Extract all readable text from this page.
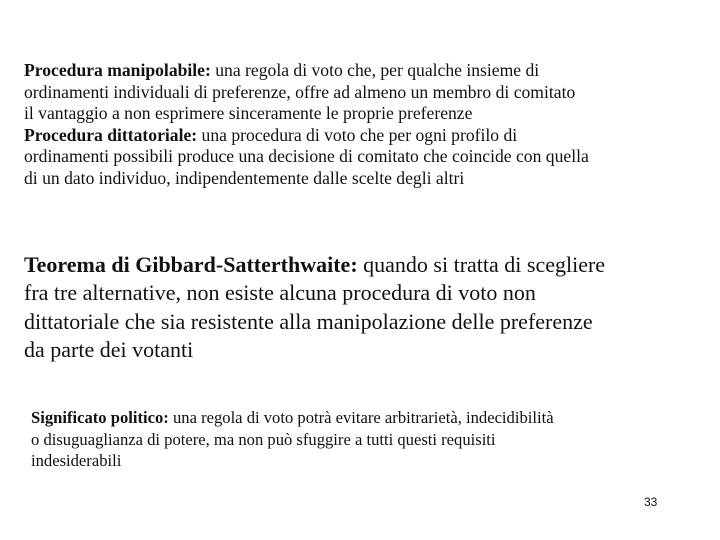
Procedura manipolabile: una regola di voto che, per qualche insieme di
ordinamenti individuali di preferenze, offre ad almeno un membro di comitato
il vantaggio a non esprimere sinceramente le proprie preferenze
Procedura dittatoriale: una procedura di voto che per ogni profilo di
ordinamenti possibili produce una decisione di comitato che coincide con quella
di un dato individuo, indipendentemente dalle scelte degli altri
Teorema di Gibbard-Satterthwaite: quando si tratta di scegliere
fra tre alternative, non esiste alcuna procedura di voto non
dittatoriale che sia resistente alla manipolazione delle preferenze
da parte dei votanti
Significato politico: una regola di voto potrà evitare arbitrarietà, indecidibilità
o disuguaglianza di potere, ma non può sfuggire a tutti questi requisiti
indesiderabili
33
